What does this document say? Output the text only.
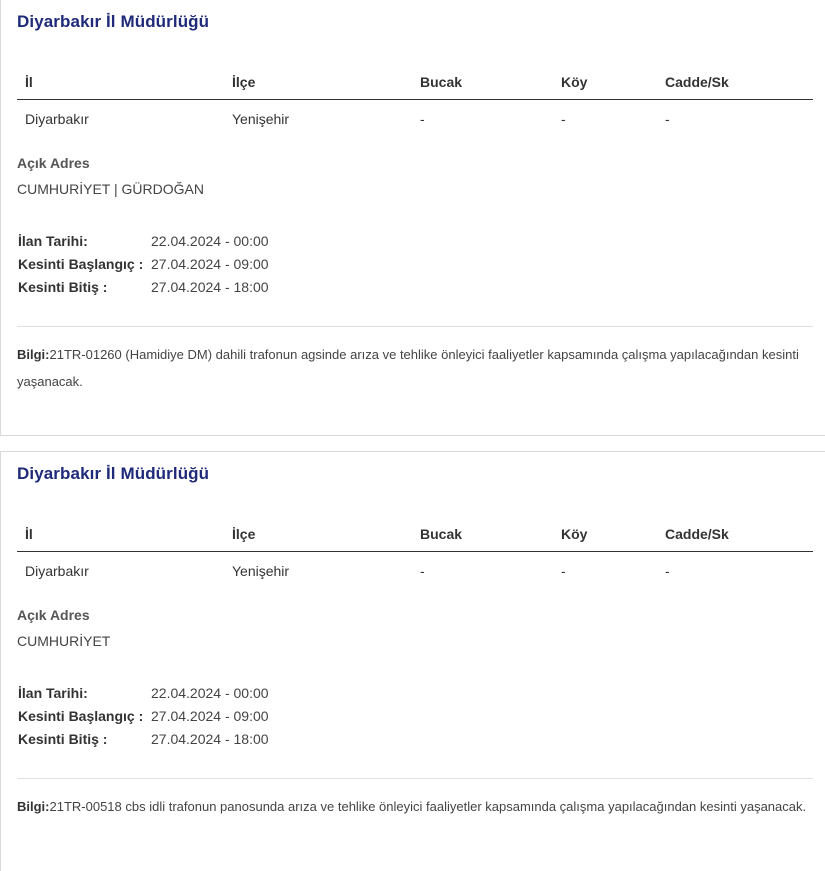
Diyarbakır İl Müdürlüğü
İl	İlçe	Bucak	Köy	Cadde/Sk
Diyarbakır	Yenişehir	-	-	-
Açık Adres
CUMHURİYET | GÜRDOĞAN
İlan Tarihi:	22.04.2024 - 00:00
Kesinti Başlangıç : 27.04.2024 - 09:00
Kesinti Bitiş :	27.04.2024 - 18:00
Bilgi:21TR-01260 (Hamidiye DM) dahili trafonun agsinde arıza ve tehlike önleyici faaliyetler kapsamında çalışma yapılacağından kesinti yaşanacak.
Diyarbakır İl Müdürlüğü
İl	İlçe	Bucak	Köy	Cadde/Sk
Diyarbakır	Yenişehir	-	-	-
Açık Adres
CUMHURİYET
İlan Tarihi:	22.04.2024 - 00:00
Kesinti Başlangıç : 27.04.2024 - 09:00
Kesinti Bitiş :	27.04.2024 - 18:00
Bilgi:21TR-00518 cbs idli trafonun panosunda arıza ve tehlike önleyici faaliyetler kapsamında çalışma yapılacağından kesinti yaşanacak.
